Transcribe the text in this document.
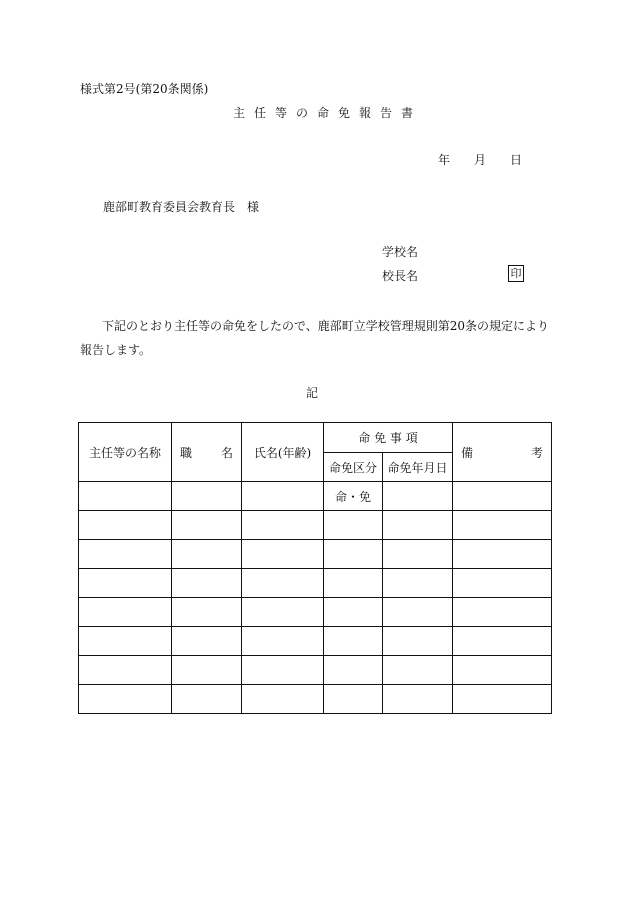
様式第2号(第20条関係)
主任等の命免報告書
年 月 日
鹿部町教育委員会教育長　様
学校名
校長名	印
下記のとおり主任等の命免をしたので、鹿部町立学校管理規則第20条の規定により報告します。
記
主任等の名称	職 名	氏名(年齢)	命 免 事 項		備 考

			命免区分	命免年月日	
			命・免		
